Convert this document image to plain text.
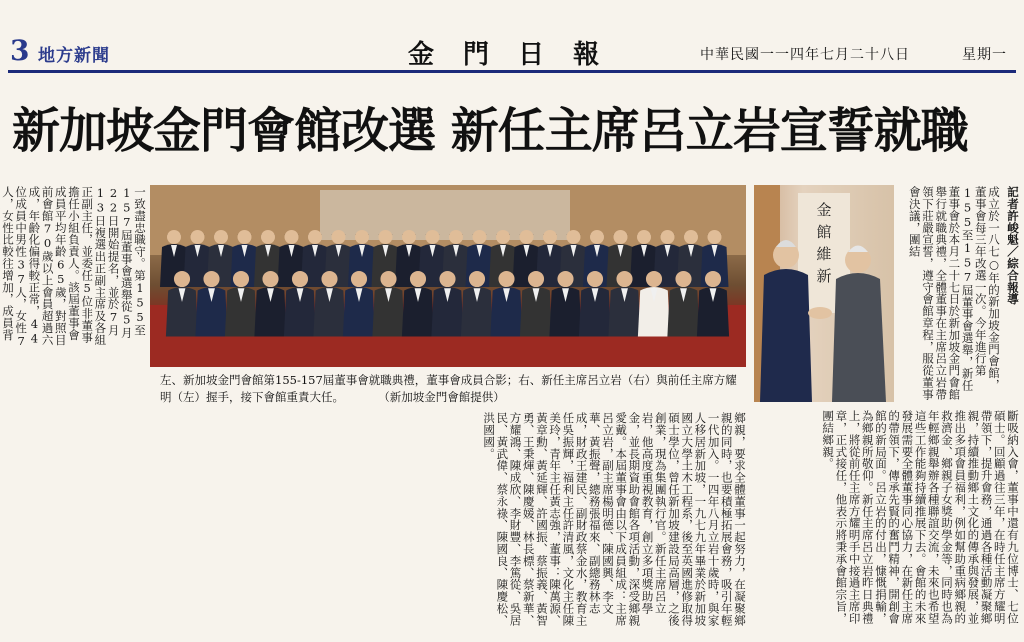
3 地方新聞	金 門 日 報	中華民國一一四年七月二十八日	星期一
新加坡金門會館改選 新任主席呂立岩宣誓就職
記者許峻魁／綜合報導
成立於一八七○年的新加坡金門會館，董事會每三年改選一次。今年進行第155至157屆董事會選舉，新任董事會於本月二十七日於新加坡金門會館舉行就職典禮，全體董事在主席呂立岩帶領下莊嚴宣誓，遵守會館章程，服從董事會決議，團結
斷吸納入會，董事中還有九位博士、七位碩士。回顧過往三年，在時任主席方耀明帶領下，提升會務，通過各種活動凝聚鄉親，持續推動鄉土文化的傳承與發展，並推出多項會員福利，例如幫助重病鄉親的救濟金、鄉親子女獎助學金等，同時也為年輕鄉親舉辦各種聯誼交流，未來也希望這些工作能夠持續推展下去。會館的未來發展需要全體董事同心協力，在新任主席的帶領下，傳承先賢的奮鬥精神，開創會館的新局面。呂立岩的付出，慷慨捐輸，為鄉親所敬仰。新任主席呂立岩昨日典禮上，將從前任主席方耀明手中接過主席印章，正式接任，他表示將秉承會館宗旨，團結鄉親。
一致盡忠職守。第155至157屆董事會選舉從5月22日開始提名，並於7月13日複選出正副主席及各組正副主任，並委任5位非董事擔任小組負責人。該屆董事會成員平均年齡65歲，對照目前會館70歲以上會員超過六成，年齡化偏得較正常，44位成員中男性37人，女性7人，女性比較往增加，成員背
鄉親，要求全體董事一起努力，在凝聚鄉親的同時，也要積極拓展會務，吸引年輕一代加入。一四年八月立岩十歲時，與家人移居新加坡，一九七九年畢業於新加坡國立大學土木工程系，後至英國進修取得碩士學位，曾任新加坡建設局高層，之後創業，現為集團執行官。新任主席呂立岩，他高度重視教育，創立多項獎助學金，並長期資助會館各項活動，深受鄉親愛戴。本屆董事會由以下成員組成：主席呂立岩，副主席楊明德、陳國興、李文華、黃振聲，總務張福來、副總務林志成，財政王建民、副財政蔡金水，教育主任吳振輝，福利主任許清風，文化主任陳美玲，青年主任黃志強，董事：陳萬源、黃章勳、黃延輝、許國振、蔡振義、黃智勇、王秉煇、陳慶媛、林長標、蔡新華、方耀鴻、陳成欣、李財豐、李篤從、吳居民、黃武偉、蔡永祿、陳國良、陳慶松、洪國國。
金
館
維
新
左、新加坡金門會館第155-157屆董事會就職典禮，董事會成員合影；右、新任主席呂立岩（右）與前任主席方耀明（左）握手，接下會館重責大任。	（新加坡金門會館提供）
